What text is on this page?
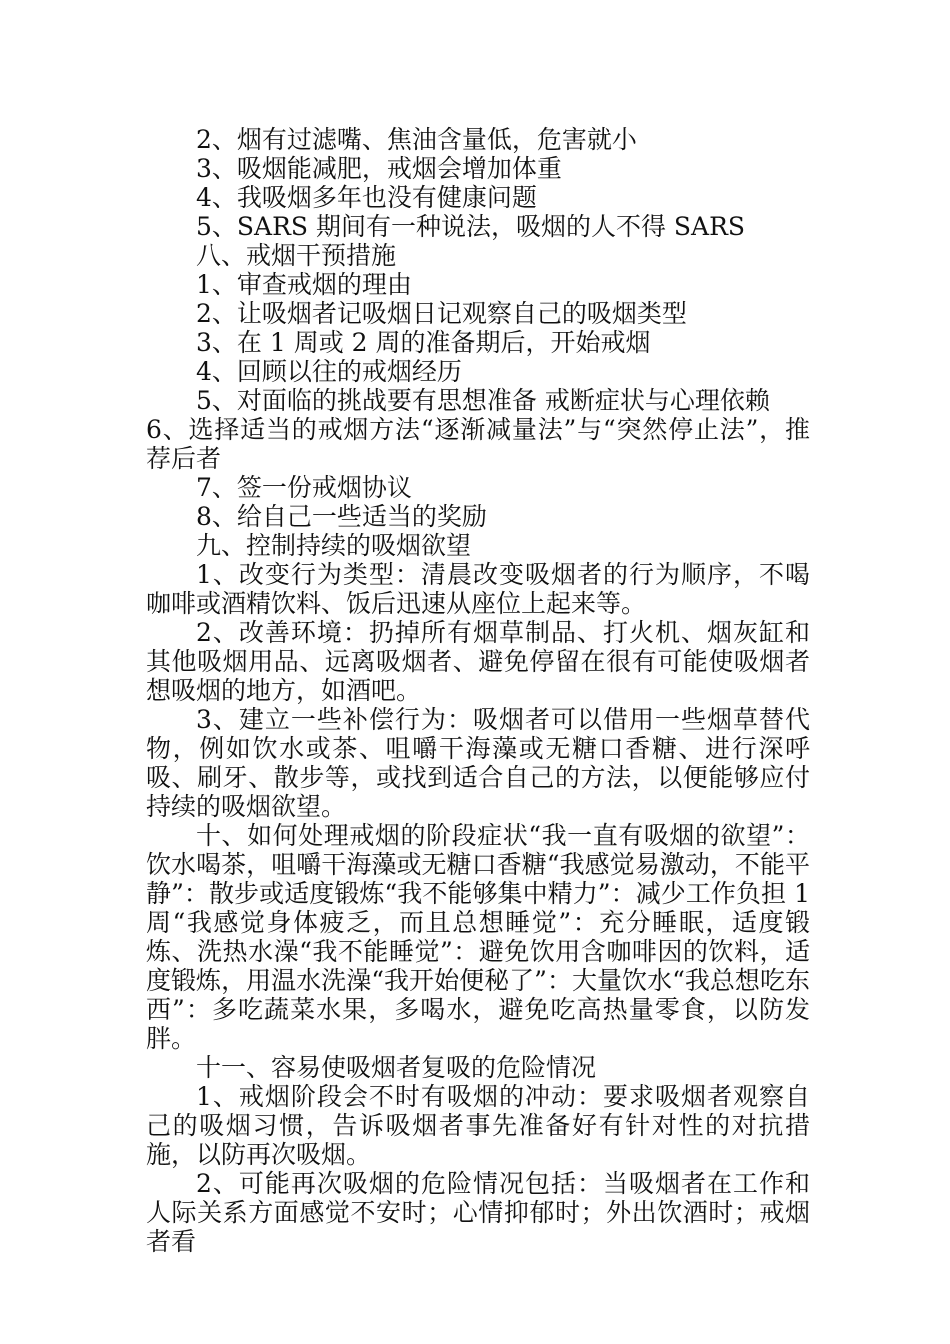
2、烟有过滤嘴、焦油含量低，危害就小

3、吸烟能减肥，戒烟会增加体重

4、我吸烟多年也没有健康问题

5、SARS 期间有一种说法，吸烟的人不得 SARS

八、戒烟干预措施

1、审查戒烟的理由

2、让吸烟者记吸烟日记观察自己的吸烟类型

3、在 1 周或 2 周的准备期后，开始戒烟

4、回顾以往的戒烟经历

5、对面临的挑战要有思想准备 戒断症状与心理依赖

6、选择适当的戒烟方法“逐渐减量法”与“突然停止法”，推荐后者

7、签一份戒烟协议

8、给自己一些适当的奖励

九、控制持续的吸烟欲望

1、改变行为类型：清晨改变吸烟者的行为顺序，不喝咖啡或酒精饮料、饭后迅速从座位上起来等。

2、改善环境：扔掉所有烟草制品、打火机、烟灰缸和其他吸烟用品、远离吸烟者、避免停留在很有可能使吸烟者想吸烟的地方，如酒吧。

3、建立一些补偿行为：吸烟者可以借用一些烟草替代物，例如饮水或茶、咀嚼干海藻或无糖口香糖、进行深呼吸、刷牙、散步等，或找到适合自己的方法，以便能够应付持续的吸烟欲望。

十、如何处理戒烟的阶段症状“我一直有吸烟的欲望”：饮水喝茶，咀嚼干海藻或无糖口香糖“我感觉易激动，不能平静”：散步或适度锻炼“我不能够集中精力”：减少工作负担 1 周“我感觉身体疲乏，而且总想睡觉”：充分睡眠，适度锻炼、洗热水澡“我不能睡觉”：避免饮用含咖啡因的饮料，适度锻炼，用温水洗澡“我开始便秘了”：大量饮水“我总想吃东西”：多吃蔬菜水果，多喝水，避免吃高热量零食，以防发胖。

十一、容易使吸烟者复吸的危险情况

1、戒烟阶段会不时有吸烟的冲动：要求吸烟者观察自己的吸烟习惯，告诉吸烟者事先准备好有针对性的对抗措施，以防再次吸烟。

2、可能再次吸烟的危险情况包括：当吸烟者在工作和人际关系方面感觉不安时；心情抑郁时；外出饮酒时；戒烟者看
